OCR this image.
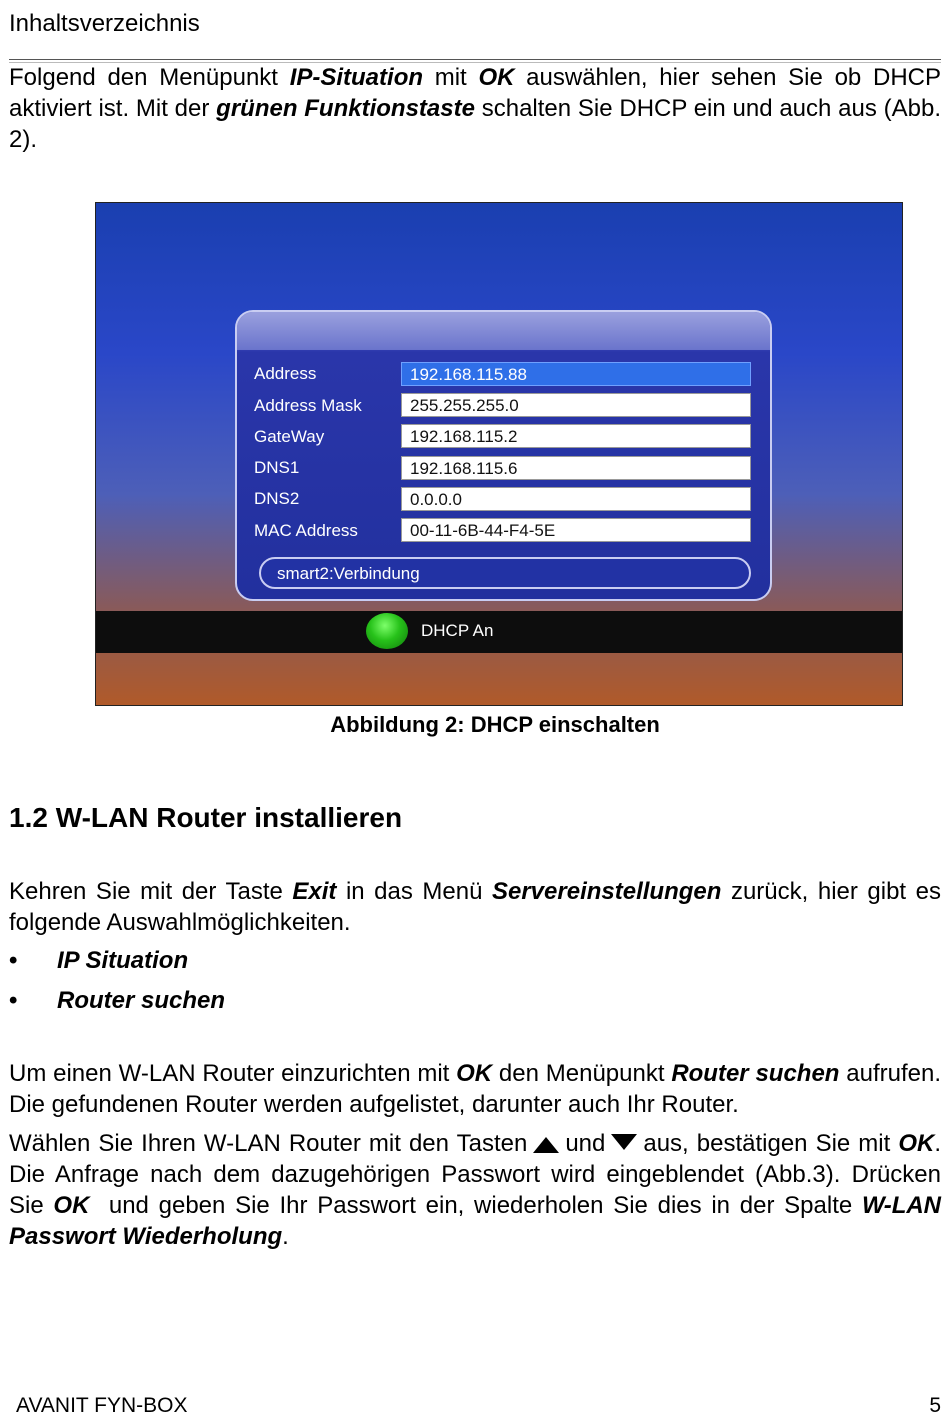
Inhaltsverzeichnis

Folgend den Menüpunkt IP-Situation mit OK auswählen, hier sehen Sie ob DHCP aktiviert ist. Mit der grünen Funktionstaste schalten Sie DHCP ein und auch aus (Abb. 2).

Address	192.168.115.88
Address Mask	255.255.255.0
GateWay	192.168.115.2
DNS1	192.168.115.6
DNS2	0.0.0.0
MAC Address	00-11-6B-44-F4-5E
smart2:Verbindung
DHCP An
Abbildung 2: DHCP einschalten
1.2 W-LAN Router installieren

Kehren Sie mit der Taste Exit in das Menü Servereinstellungen zurück, hier gibt es folgende Auswahlmöglichkeiten.

• IP Situation
• Router suchen

Um einen W-LAN Router einzurichten mit OK den Menüpunkt Router suchen aufrufen. Die gefundenen Router werden aufgelistet, darunter auch Ihr Router.

Wählen Sie Ihren W-LAN Router mit den Tasten und aus, bestätigen Sie mit OK. Die Anfrage nach dem dazugehörigen Passwort wird eingeblendet (Abb.3). Drücken Sie OK  und geben Sie Ihr Passwort ein, wiederholen Sie dies in der Spalte W-LAN Passwort Wiederholung.

AVANIT FYN-BOX	5
